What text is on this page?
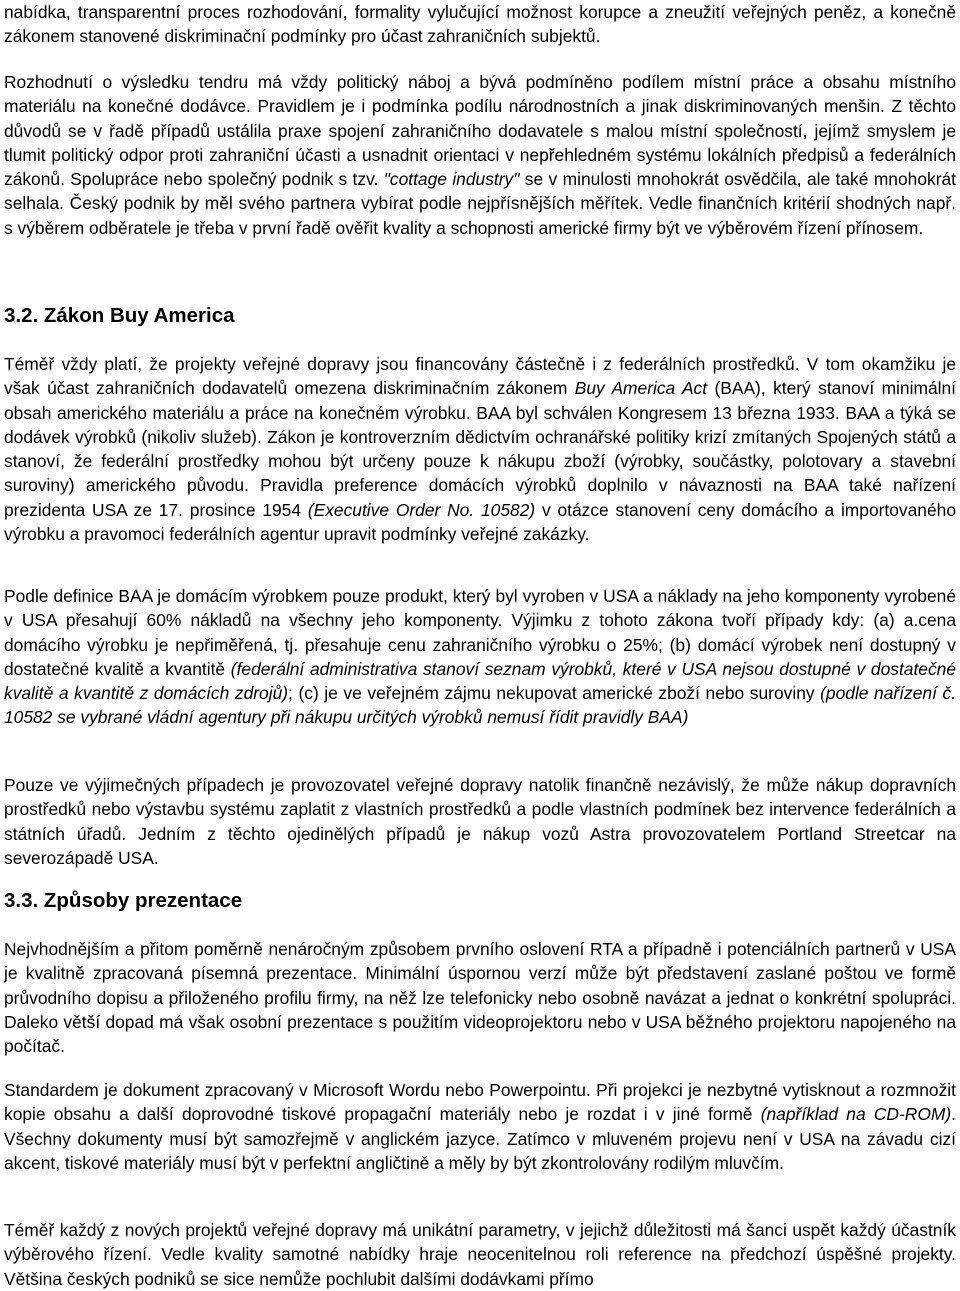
nabídka, transparentní proces rozhodování, formality vylučující možnost korupce a zneužití veřejných peněz, a konečně zákonem stanovené diskriminační podmínky pro účast zahraničních subjektů.

Rozhodnutí o výsledku tendru má vždy politický náboj a bývá podmíněno podílem místní práce a obsahu místního materiálu na konečné dodávce. Pravidlem je i podmínka podílu národnostních a jinak diskriminovaných menšin. Z těchto důvodů se v řadě případů ustálila praxe spojení zahraničního dodavatele s malou místní společností, jejímž smyslem je tlumit politický odpor proti zahraniční účasti a usnadnit orientaci v nepřehledném systému lokálních předpisů a federálních zákonů. Spolupráce nebo společný podnik s tzv. "cottage industry" se v minulosti mnohokrát osvědčila, ale také mnohokrát selhala. Český podnik by měl svého partnera vybírat podle nejpřísnějších měřítek. Vedle finančních kritérií shodných např. s výběrem odběratele je třeba v první řadě ověřit kvality a schopnosti americké firmy být ve výběrovém řízení přínosem.

3.2. Zákon Buy America

Téměř vždy platí, že projekty veřejné dopravy jsou financovány částečně i z federálních prostředků. V tom okamžiku je však účast zahraničních dodavatelů omezena diskriminačním zákonem Buy America Act (BAA), který stanoví minimální obsah amerického materiálu a práce na konečném výrobku. BAA byl schválen Kongresem 13 března 1933. BAA a týká se dodávek výrobků (nikoliv služeb). Zákon je kontroverzním dědictvím ochranářské politiky krizí zmítaných Spojených států a stanoví, že federální prostředky mohou být určeny pouze k nákupu zboží (výrobky, součástky, polotovary a stavební suroviny) amerického původu. Pravidla preference domácích výrobků doplnilo v návaznosti na BAA také nařízení prezidenta USA ze 17. prosince 1954 (Executive Order No. 10582) v otázce stanovení ceny domácího a importovaného výrobku a pravomoci federálních agentur upravit podmínky veřejné zakázky.

Podle definice BAA je domácím výrobkem pouze produkt, který byl vyroben v USA a náklady na jeho komponenty vyrobené v USA přesahují 60% nákladů na všechny jeho komponenty. Výjimku z tohoto zákona tvoří případy kdy: (a) a.cena domácího výrobku je nepřiměřená, tj. přesahuje cenu zahraničního výrobku o 25%; (b) domácí výrobek není dostupný v dostatečné kvalitě a kvantitě (federální administrativa stanoví seznam výrobků, které v USA nejsou dostupné v dostatečné kvalitě a kvantitě z domácích zdrojů); (c) je ve veřejném zájmu nekupovat americké zboží nebo suroviny (podle nařízení č. 10582 se vybrané vládní agentury při nákupu určitých výrobků nemusí řídit pravidly BAA)

Pouze ve výjimečných případech je provozovatel veřejné dopravy natolik finančně nezávislý, že může nákup dopravních prostředků nebo výstavbu systému zaplatit z vlastních prostředků a podle vlastních podmínek bez intervence federálních a státních úřadů. Jedním z těchto ojedinělých případů je nákup vozů Astra provozovatelem Portland Streetcar na severozápadě USA.

3.3. Způsoby prezentace

Nejvhodnějším a přitom poměrně nenáročným způsobem prvního oslovení RTA a případně i potenciálních partnerů v USA je kvalitně zpracovaná písemná prezentace. Minimální úspornou verzí může být představení zaslané poštou ve formě průvodního dopisu a přiloženého profilu firmy, na něž lze telefonicky nebo osobně navázat a jednat o konkrétní spolupráci. Daleko větší dopad má však osobní prezentace s použitím videoprojektoru nebo v USA běžného projektoru napojeného na počítač.

Standardem je dokument zpracovaný v Microsoft Wordu nebo Powerpointu. Při projekci je nezbytné vytisknout a rozmnožit kopie obsahu a další doprovodné tiskové propagační materiály nebo je rozdat i v jiné formě (například na CD-ROM). Všechny dokumenty musí být samozřejmě v anglickém jazyce. Zatímco v mluveném projevu není v USA na závadu cizí akcent, tiskové materiály musí být v perfektní angličtině a měly by být zkontrolovány rodilým mluvčím.

Téměř každý z nových projektů veřejné dopravy má unikátní parametry, v jejichž důležitosti má šanci uspět každý účastník výběrového řízení. Vedle kvality samotné nabídky hraje neocenitelnou roli reference na předchozí úspěšné projekty. Většina českých podniků se sice nemůže pochlubit dalšími dodávkami přímo
